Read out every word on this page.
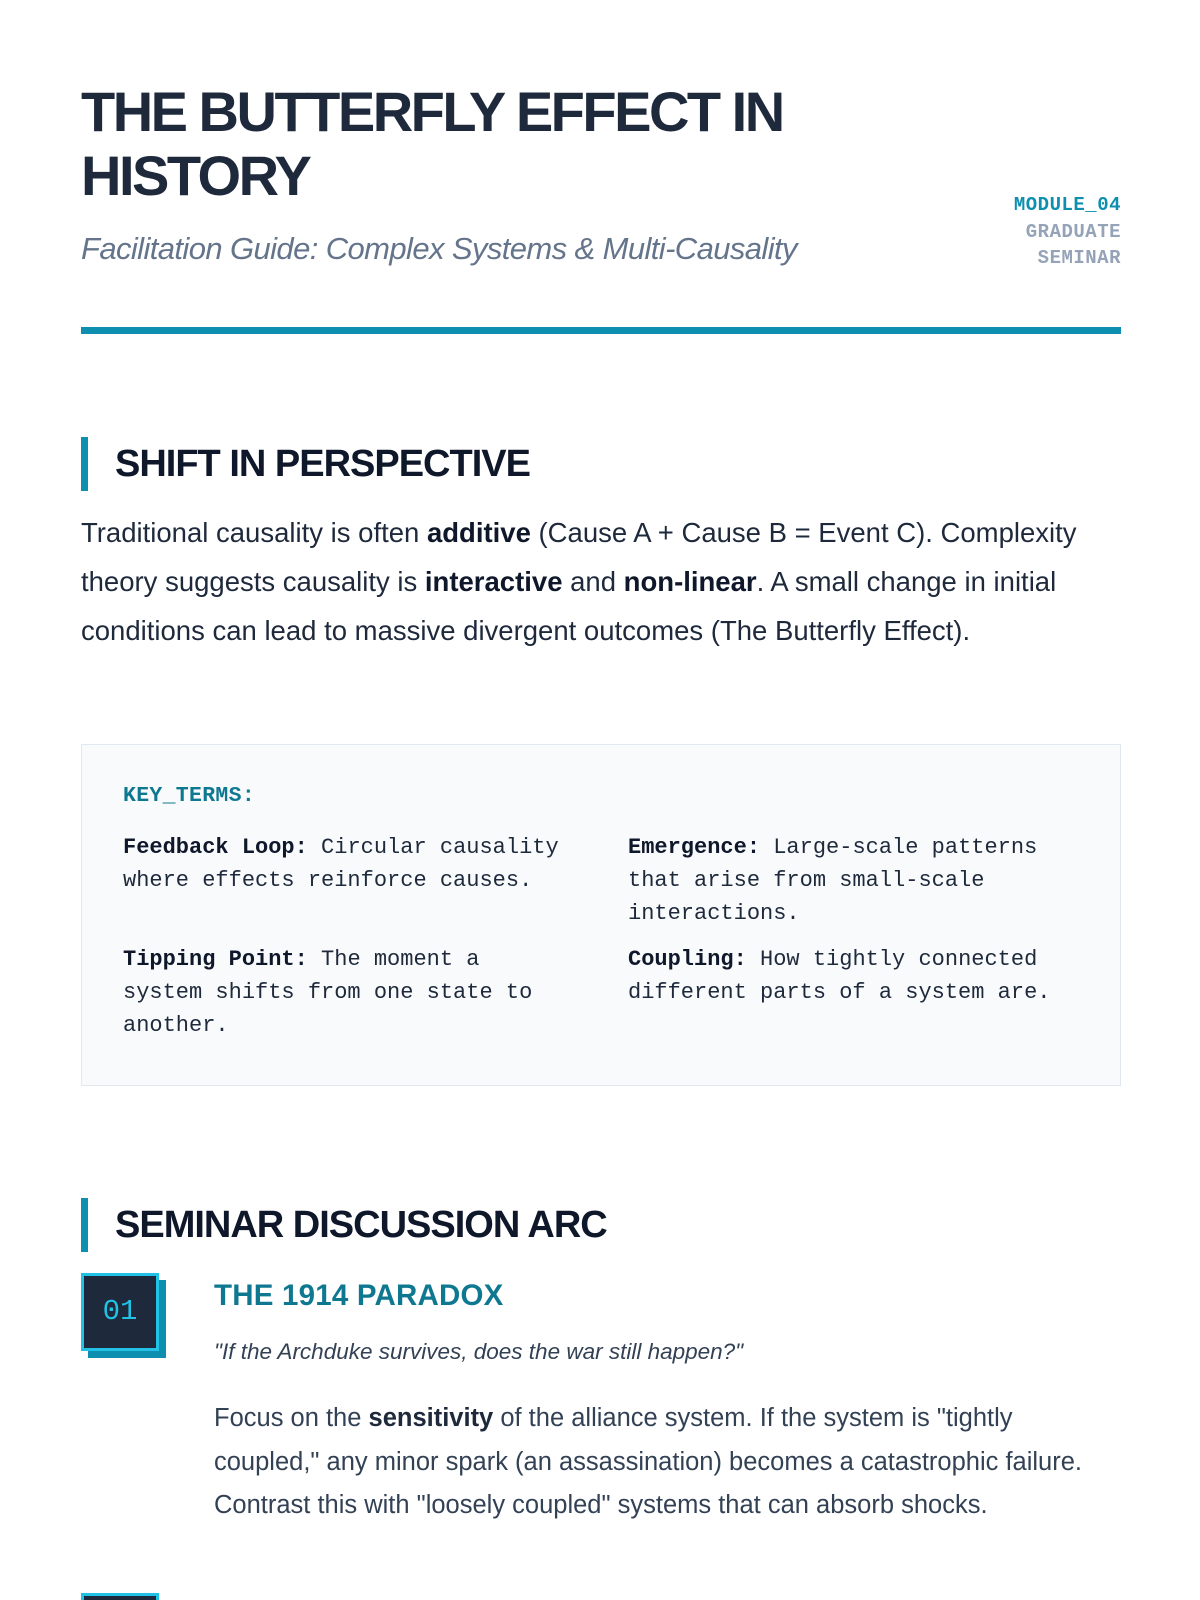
THE BUTTERFLY EFFECT IN HISTORY

Facilitation Guide: Complex Systems & Multi-Causality

MODULE_04
GRADUATE
SEMINAR
SHIFT IN PERSPECTIVE

Traditional causality is often additive (Cause A + Cause B = Event C). Complexity theory suggests causality is interactive and non-linear. A small change in initial conditions can lead to massive divergent outcomes (The Butterfly Effect).

KEY_TERMS:
Feedback Loop: Circular causality where effects reinforce causes.
Emergence: Large-scale patterns that arise from small-scale interactions.
Tipping Point: The moment a system shifts from one state to another.
Coupling: How tightly connected different parts of a system are.
SEMINAR DISCUSSION ARC
01	THE 1914 PARADOX

"If the Archduke survives, does the war still happen?"

Focus on the sensitivity of the alliance system. If the system is "tightly coupled," any minor spark (an assassination) becomes a catastrophic failure. Contrast this with "loosely coupled" systems that can absorb shocks.
